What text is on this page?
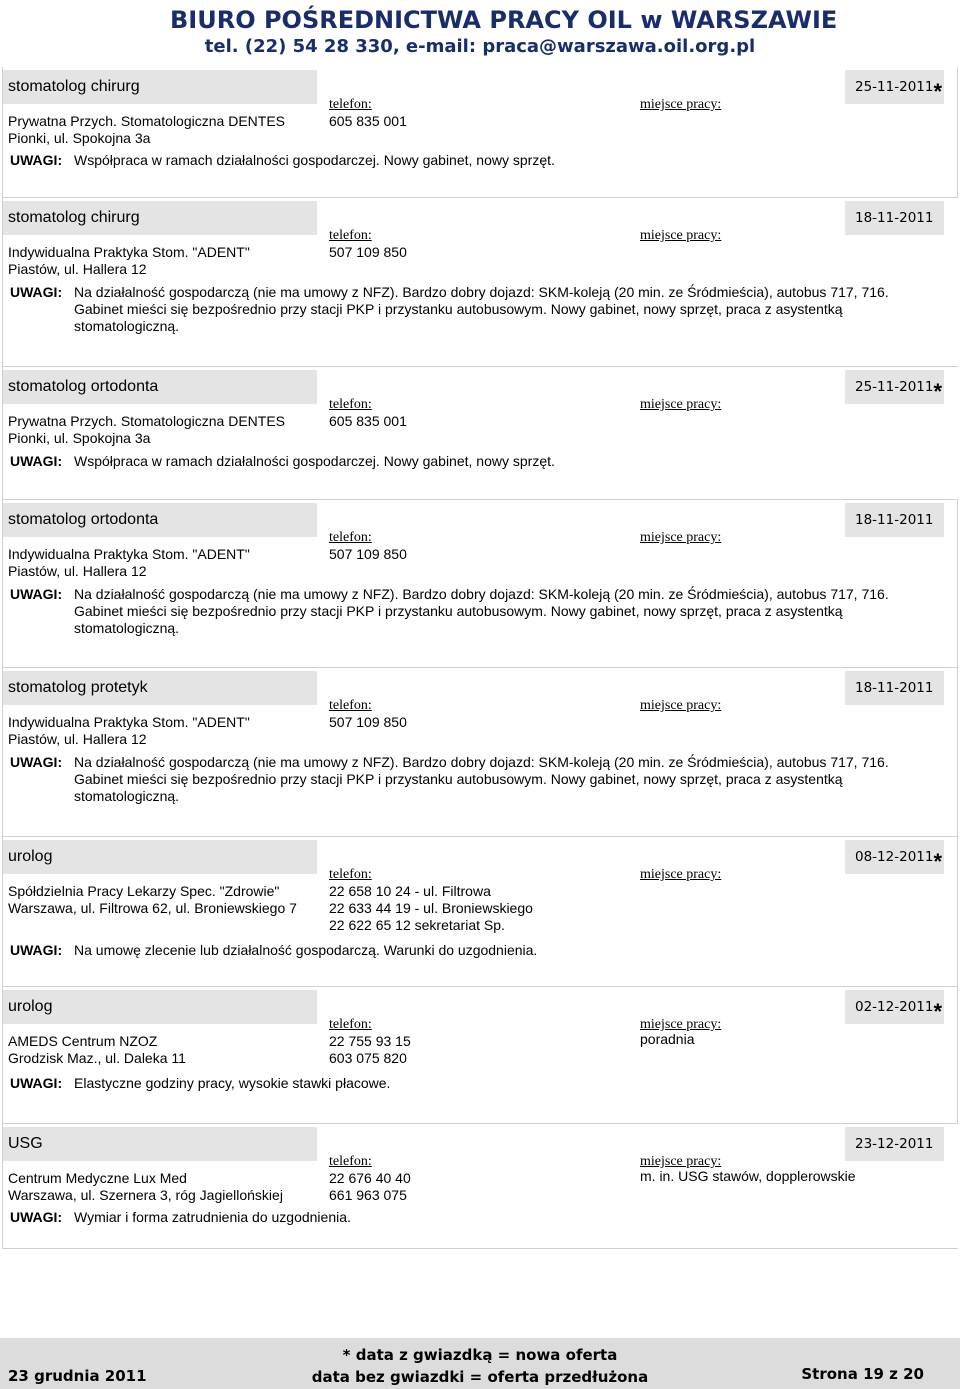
BIURO POŚREDNICTWA PRACY OIL w WARSZAWIE
tel. (22) 54 28 330, e-mail: praca@warszawa.oil.org.pl
stomatolog chirurg	25-11-2011 *
telefon:	miejsce pracy:
Prywatna Przych. Stomatologiczna DENTES
Pionki, ul. Spokojna 3a
605 835 001
UWAGI: Współpraca w ramach działalności gospodarczej. Nowy gabinet, nowy sprzęt.
stomatolog chirurg	18-11-2011
telefon:	miejsce pracy:
Indywidualna Praktyka Stom. "ADENT"
Piastów, ul. Hallera 12
507 109 850
UWAGI: Na działalność gospodarczą (nie ma umowy z NFZ). Bardzo dobry dojazd: SKM-koleją (20 min. ze Śródmieścia), autobus 717, 716.
Gabinet mieści się bezpośrednio przy stacji PKP i przystanku autobusowym. Nowy gabinet, nowy sprzęt, praca z asystentką
stomatologiczną.
stomatolog ortodonta	25-11-2011 *
telefon:	miejsce pracy:
Prywatna Przych. Stomatologiczna DENTES
Pionki, ul. Spokojna 3a
605 835 001
UWAGI: Współpraca w ramach działalności gospodarczej. Nowy gabinet, nowy sprzęt.
stomatolog ortodonta	18-11-2011
telefon:	miejsce pracy:
Indywidualna Praktyka Stom. "ADENT"
Piastów, ul. Hallera 12
507 109 850
UWAGI: Na działalność gospodarczą (nie ma umowy z NFZ). Bardzo dobry dojazd: SKM-koleją (20 min. ze Śródmieścia), autobus 717, 716.
Gabinet mieści się bezpośrednio przy stacji PKP i przystanku autobusowym. Nowy gabinet, nowy sprzęt, praca z asystentką
stomatologiczną.
stomatolog protetyk	18-11-2011
telefon:	miejsce pracy:
Indywidualna Praktyka Stom. "ADENT"
Piastów, ul. Hallera 12
507 109 850
UWAGI: Na działalność gospodarczą (nie ma umowy z NFZ). Bardzo dobry dojazd: SKM-koleją (20 min. ze Śródmieścia), autobus 717, 716.
Gabinet mieści się bezpośrednio przy stacji PKP i przystanku autobusowym. Nowy gabinet, nowy sprzęt, praca z asystentką
stomatologiczną.
urolog	08-12-2011 *
telefon:	miejsce pracy:
Spółdzielnia Pracy Lekarzy Spec. "Zdrowie"
Warszawa, ul. Filtrowa 62, ul. Broniewskiego 7
22 658 10 24 - ul. Filtrowa
22 633 44 19 - ul. Broniewskiego
22 622 65 12 sekretariat Sp.
UWAGI: Na umowę zlecenie lub działalność gospodarczą. Warunki do uzgodnienia.
urolog	02-12-2011 *
telefon:	miejsce pracy:
AMEDS Centrum NZOZ
Grodzisk Maz., ul. Daleka 11
22 755 93 15
603 075 820
poradnia
UWAGI: Elastyczne godziny pracy, wysokie stawki płacowe.
USG	23-12-2011
telefon:	miejsce pracy:
Centrum Medyczne Lux Med
Warszawa, ul. Szernera 3, róg Jagiellońskiej
22 676 40 40
661 963 075
m. in. USG stawów, dopplerowskie
UWAGI: Wymiar i forma zatrudnienia do uzgodnienia.
23 grudnia 2011
* data z gwiazdką = nowa oferta
data bez gwiazdki = oferta przedłużona	Strona 19 z 20
